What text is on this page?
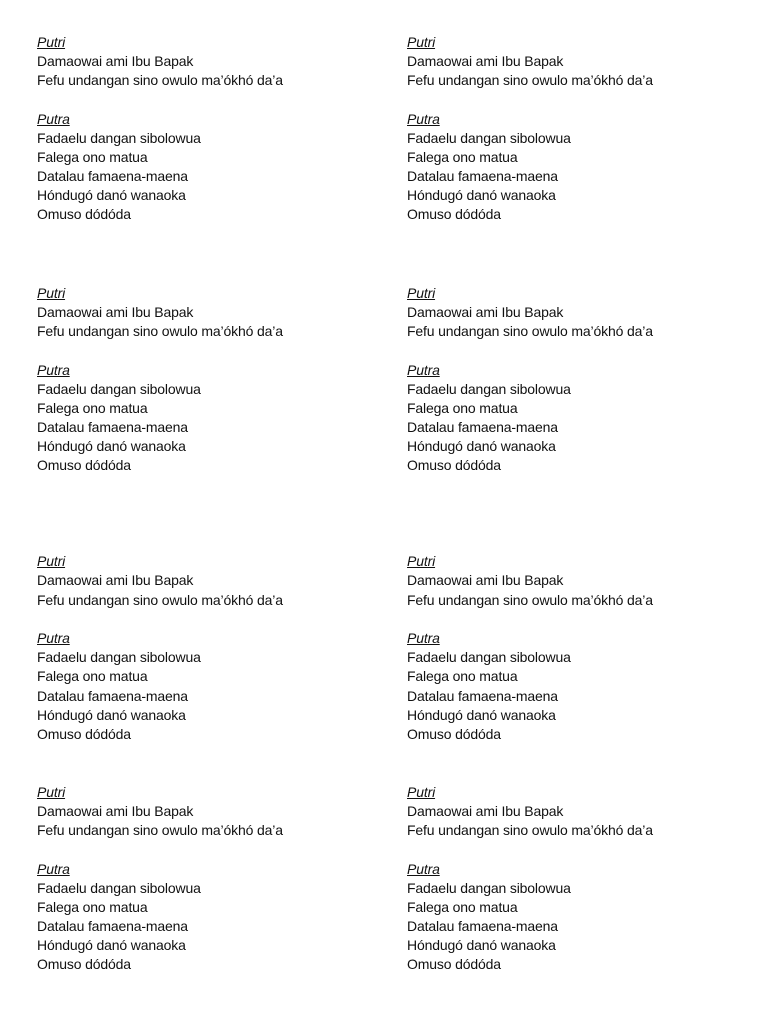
Putri
Damaowai ami Ibu Bapak
Fefu undangan sino owulo ma’ókhó da’a
Putra
Fadaelu dangan sibolowua
Falega ono matua
Datalau famaena-maena
Hóndugó danó wanaoka
Omuso dódóda
Putri
Damaowai ami Ibu Bapak
Fefu undangan sino owulo ma’ókhó da’a
Putra
Fadaelu dangan sibolowua
Falega ono matua
Datalau famaena-maena
Hóndugó danó wanaoka
Omuso dódóda
Putri
Damaowai ami Ibu Bapak
Fefu undangan sino owulo ma’ókhó da’a
Putra
Fadaelu dangan sibolowua
Falega ono matua
Datalau famaena-maena
Hóndugó danó wanaoka
Omuso dódóda
Putri
Damaowai ami Ibu Bapak
Fefu undangan sino owulo ma’ókhó da’a
Putra
Fadaelu dangan sibolowua
Falega ono matua
Datalau famaena-maena
Hóndugó danó wanaoka
Omuso dódóda
Putri
Damaowai ami Ibu Bapak
Fefu undangan sino owulo ma’ókhó da’a
Putra
Fadaelu dangan sibolowua
Falega ono matua
Datalau famaena-maena
Hóndugó danó wanaoka
Omuso dódóda
Putri
Damaowai ami Ibu Bapak
Fefu undangan sino owulo ma’ókhó da’a
Putra
Fadaelu dangan sibolowua
Falega ono matua
Datalau famaena-maena
Hóndugó danó wanaoka
Omuso dódóda
Putri
Damaowai ami Ibu Bapak
Fefu undangan sino owulo ma’ókhó da’a
Putra
Fadaelu dangan sibolowua
Falega ono matua
Datalau famaena-maena
Hóndugó danó wanaoka
Omuso dódóda
Putri
Damaowai ami Ibu Bapak
Fefu undangan sino owulo ma’ókhó da’a
Putra
Fadaelu dangan sibolowua
Falega ono matua
Datalau famaena-maena
Hóndugó danó wanaoka
Omuso dódóda
